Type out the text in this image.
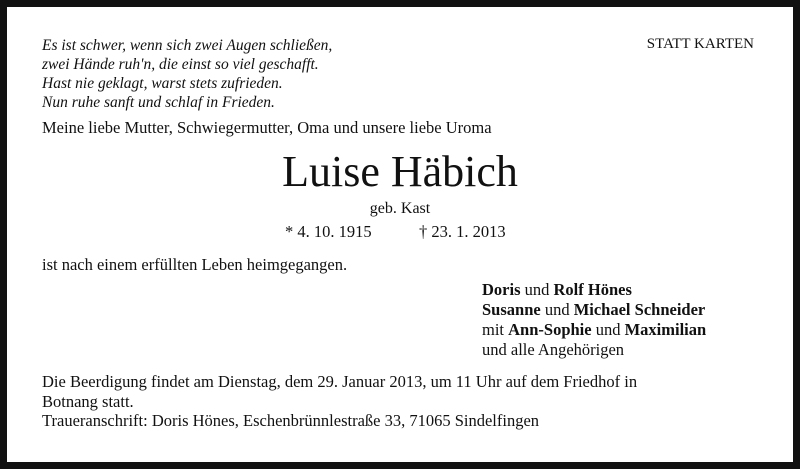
Es ist schwer, wenn sich zwei Augen schließen,
zwei Hände ruh'n, die einst so viel geschafft.
Hast nie geklagt, warst stets zufrieden.
Nun ruhe sanft und schlaf in Frieden.
STATT KARTEN
Meine liebe Mutter, Schwiegermutter, Oma und unsere liebe Uroma
Luise Häbich
geb. Kast
* 4. 10. 1915	† 23. 1. 2013
ist nach einem erfüllten Leben heimgegangen.
Doris und Rolf Hönes
Susanne und Michael Schneider
mit Ann-Sophie und Maximilian
und alle Angehörigen
Die Beerdigung findet am Dienstag, dem 29. Januar 2013, um 11 Uhr auf dem Friedhof in
Botnang statt.
Traueranschrift: Doris Hönes, Eschenbrünnlestraße 33, 71065 Sindelfingen
